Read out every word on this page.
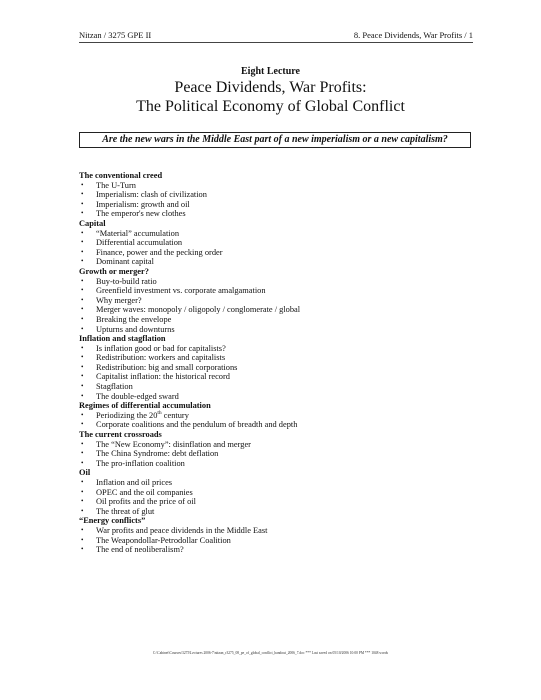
Nitzan / 3275 GPE II	8. Peace Dividends, War Profits / 1
Eight Lecture
Peace Dividends, War Profits:
The Political Economy of Global Conflict
Are the new wars in the Middle East part of a new imperialism or a new capitalism?
The conventional creed
• The U-Turn
• Imperialism: clash of civilization
• Imperialism: growth and oil
• The emperor's new clothes
Capital
• “Material” accumulation
• Differential accumulation
• Finance, power and the pecking order
• Dominant capital
Growth or merger?
• Buy-to-build ratio
• Greenfield investment vs. corporate amalgamation
• Why merger?
• Merger waves: monopoly / oligopoly / conglomerate / global
• Breaking the envelope
• Upturns and downturns
Inflation and stagflation
• Is inflation good or bad for capitalists?
• Redistribution: workers and capitalists
• Redistribution: big and small corporations
• Capitalist inflation: the historical record
• Stagflation
• The double-edged sward
Regimes of differential accumulation
• Periodizing the 20th century
• Corporate coalitions and the pendulum of breadth and depth
The current crossroads
• The “New Economy”: disinflation and merger
• The China Syndrome: debt deflation
• The pro-inflation coalition
Oil
• Inflation and oil prices
• OPEC and the oil companies
• Oil profits and the price of oil
• The threat of glut
“Energy conflicts”
• War profits and peace dividends in the Middle East
• The Weapondollar-Petrodollar Coalition
• The end of neoliberalism?
C:\Cabinet\Courses\3275\Lectures 2006-7\nitzan_r3275_08_pe_of_global_conflict_handout_2006_7.doc *** Last saved on 05/10/2006 10:00 PM *** 1048 words
